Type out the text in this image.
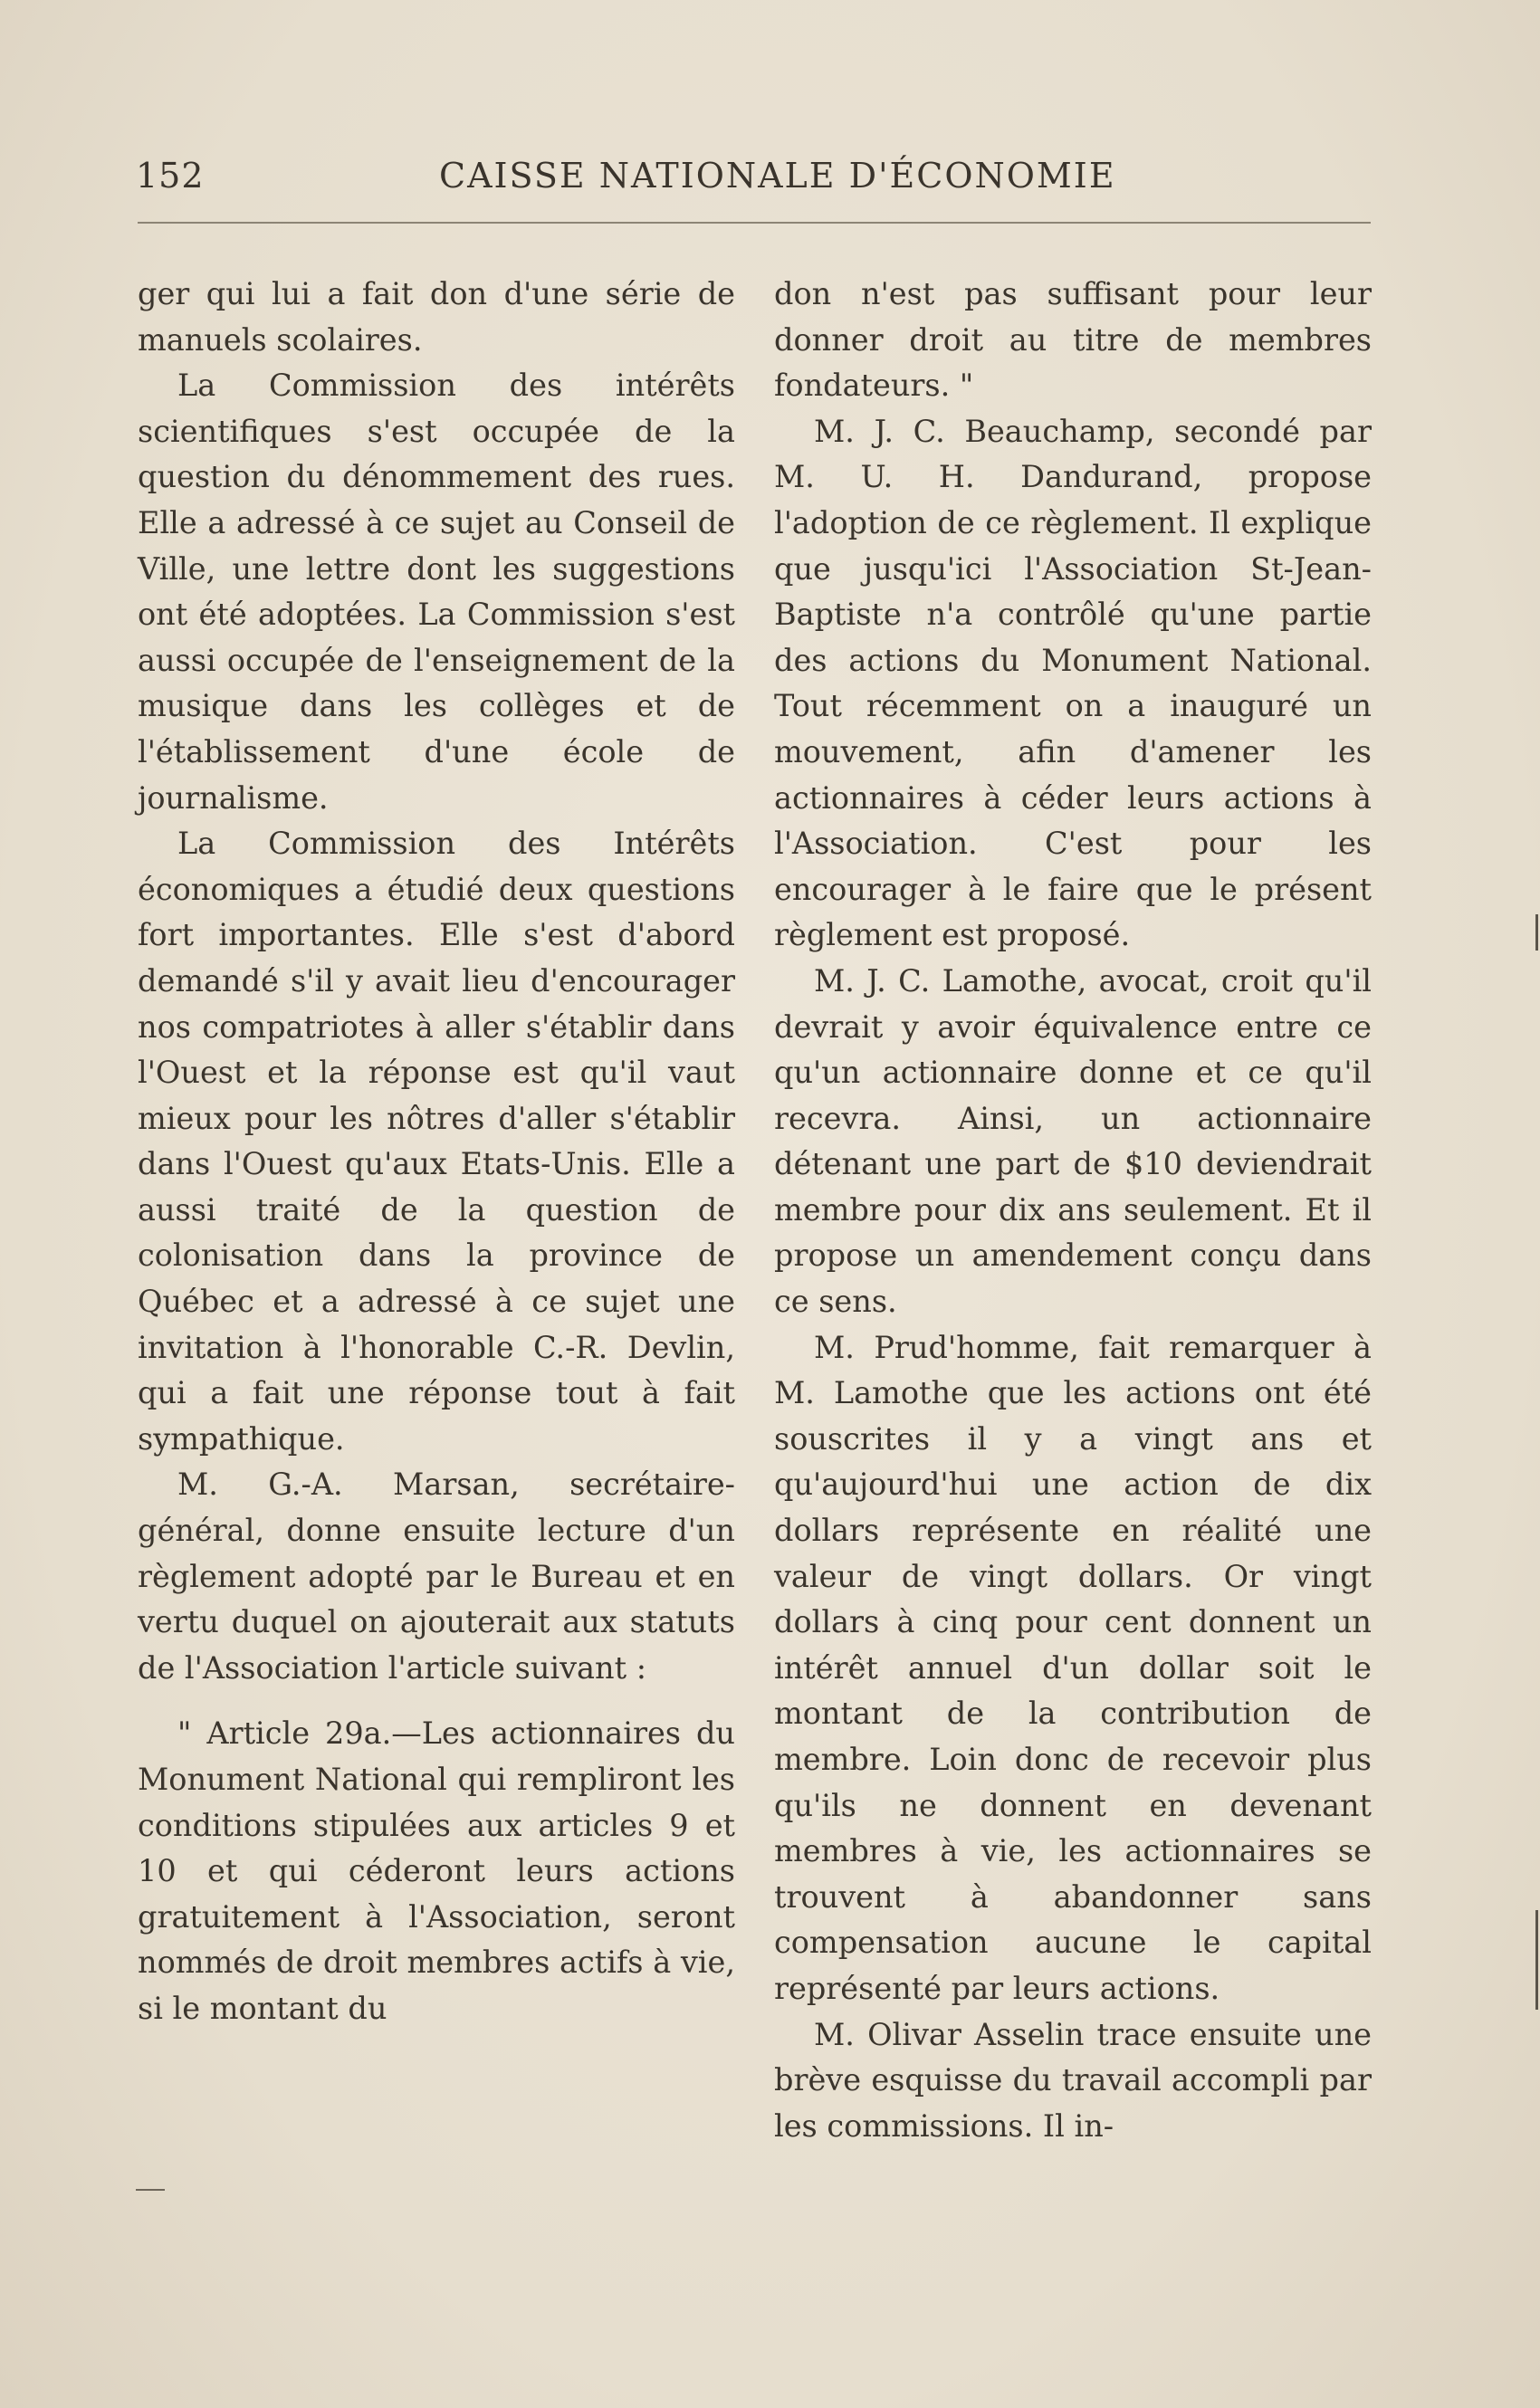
152	CAISSE NATIONALE D'ÉCONOMIE

ger qui lui a fait don d'une série de manuels scolaires.

La Commission des intérêts scientifiques s'est occupée de la question du dénommement des rues. Elle a adressé à ce sujet au Conseil de Ville, une lettre dont les suggestions ont été adoptées. La Commission s'est aussi occupée de l'enseignement de la musique dans les collèges et de l'établissement d'une école de journalisme.

La Commission des Intérêts économiques a étudié deux questions fort importantes. Elle s'est d'abord demandé s'il y avait lieu d'encourager nos compatriotes à aller s'établir dans l'Ouest et la réponse est qu'il vaut mieux pour les nôtres d'aller s'établir dans l'Ouest qu'aux Etats-Unis. Elle a aussi traité de la question de colonisation dans la province de Québec et a adressé à ce sujet une invitation à l'honorable C.-R. Devlin, qui a fait une réponse tout à fait sympathique.

M. G.-A. Marsan, secrétaire-général, donne ensuite lecture d'un règlement adopté par le Bureau et en vertu duquel on ajouterait aux statuts de l'Association l'article suivant :

" Article 29a.—Les actionnaires du Monument National qui rempliront les conditions stipulées aux articles 9 et 10 et qui céderont leurs actions gratuitement à l'Association, seront nommés de droit membres actifs à vie, si le montant du

don n'est pas suffisant pour leur donner droit au titre de membres fondateurs. "

M. J. C. Beauchamp, secondé par M. U. H. Dandurand, propose l'adoption de ce règlement. Il explique que jusqu'ici l'Association St-Jean-Baptiste n'a contrôlé qu'une partie des actions du Monument National. Tout récemment on a inauguré un mouvement, afin d'amener les actionnaires à céder leurs actions à l'Association. C'est pour les encourager à le faire que le présent règlement est proposé.

M. J. C. Lamothe, avocat, croit qu'il devrait y avoir équivalence entre ce qu'un actionnaire donne et ce qu'il recevra. Ainsi, un actionnaire détenant une part de $10 deviendrait membre pour dix ans seulement. Et il propose un amendement conçu dans ce sens.

M. Prud'homme, fait remarquer à M. Lamothe que les actions ont été souscrites il y a vingt ans et qu'aujourd'hui une action de dix dollars représente en réalité une valeur de vingt dollars. Or vingt dollars à cinq pour cent donnent un intérêt annuel d'un dollar soit le montant de la contribution de membre. Loin donc de recevoir plus qu'ils ne donnent en devenant membres à vie, les actionnaires se trouvent à abandonner sans compensation aucune le capital représenté par leurs actions.

M. Olivar Asselin trace ensuite une brève esquisse du travail accompli par les commissions. Il in-
